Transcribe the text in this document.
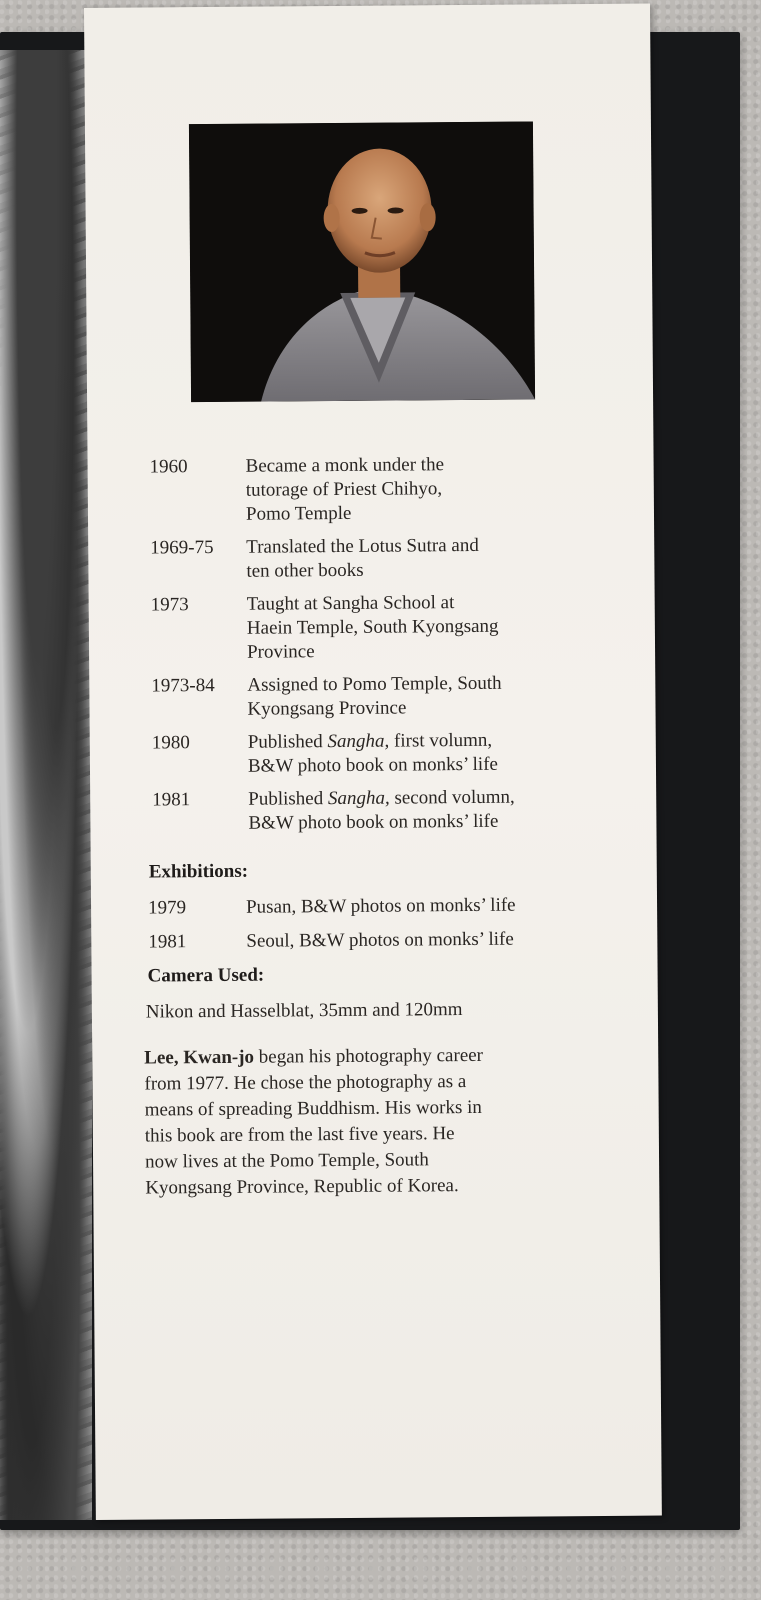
1960	Became a monk under the
tutorage of Priest Chihyo,
Pomo Temple
1969-75	Translated the Lotus Sutra and
ten other books
1973	Taught at Sangha School at
Haein Temple, South Kyongsang
Province
1973-84	Assigned to Pomo Temple, South
Kyongsang Province
1980	Published Sangha, first volumn,
B&W photo book on monks’ life
1981	Published Sangha, second volumn,
B&W photo book on monks’ life
Exhibitions:
1979	Pusan, B&W photos on monks’ life
1981	Seoul, B&W photos on monks’ life
Camera Used:
Nikon and Hasselblat, 35mm and 120mm
Lee, Kwan-jo began his photography career
from 1977. He chose the photography as a
means of spreading Buddhism. His works in
this book are from the last five years. He
now lives at the Pomo Temple, South
Kyongsang Province, Republic of Korea.
